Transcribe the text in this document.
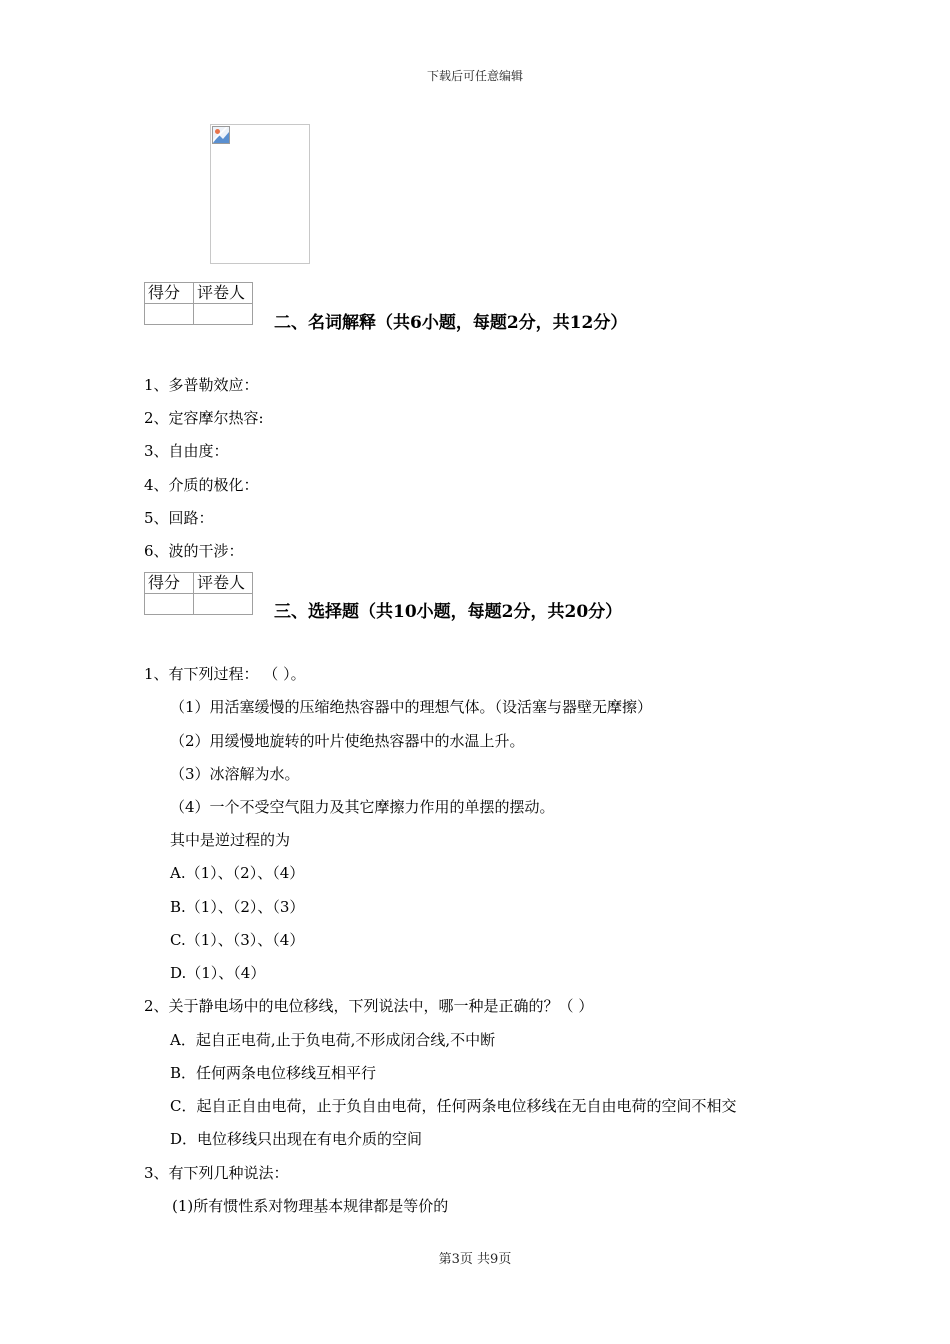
下载后可任意编辑
得分	评卷人

二、名词解释（共6小题，每题2分，共12分）
1、多普勒效应：
2、定容摩尔热容:
3、自由度：
4、介质的极化：
5、回路：
6、波的干涉：
得分	评卷人

三、选择题（共10小题，每题2分，共20分）
1、有下列过程： （ ）。
（1）用活塞缓慢的压缩绝热容器中的理想气体。（设活塞与器壁无摩擦）
（2）用缓慢地旋转的叶片使绝热容器中的水温上升。
（3）冰溶解为水。
（4）一个不受空气阻力及其它摩擦力作用的单摆的摆动。
其中是逆过程的为
A.（1）、（2）、（4）
B.（1）、（2）、（3）
C.（1）、（3）、（4）
D.（1）、（4）
2、关于静电场中的电位移线，下列说法中，哪一种是正确的？（ ）
A．起自正电荷,止于负电荷,不形成闭合线,不中断
B．任何两条电位移线互相平行
C．起自正自由电荷，止于负自由电荷，任何两条电位移线在无自由电荷的空间不相交
D．电位移线只出现在有电介质的空间
3、有下列几种说法：
(1)所有惯性系对物理基本规律都是等价的
第3页 共9页
